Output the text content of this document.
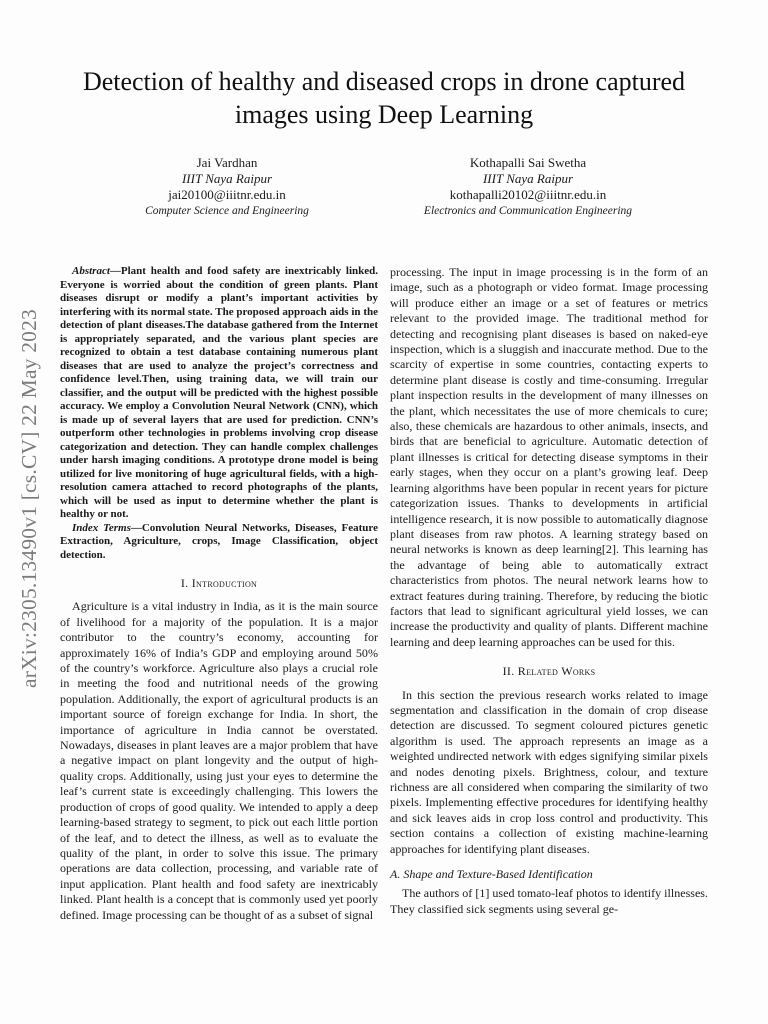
arXiv:2305.13490v1 [cs.CV] 22 May 2023
Detection of healthy and diseased crops in drone captured images using Deep Learning
Jai Vardhan
IIIT Naya Raipur
jai20100@iiitnr.edu.in
Computer Science and Engineering
Kothapalli Sai Swetha
IIIT Naya Raipur
kothapalli20102@iiitnr.edu.in
Electronics and Communication Engineering

Abstract—Plant health and food safety are inextricably linked. Everyone is worried about the condition of green plants. Plant diseases disrupt or modify a plant’s important activities by interfering with its normal state. The proposed approach aids in the detection of plant diseases.The database gathered from the Internet is appropriately separated, and the various plant species are recognized to obtain a test database containing numerous plant diseases that are used to analyze the project’s correctness and confidence level.Then, using training data, we will train our classifier, and the output will be predicted with the highest possible accuracy. We employ a Convolution Neural Network (CNN), which is made up of several layers that are used for prediction. CNN’s outperform other technologies in problems involving crop disease categorization and detection. They can handle complex challenges under harsh imaging conditions. A prototype drone model is being utilized for live monitoring of huge agricultural fields, with a high-resolution camera attached to record photographs of the plants, which will be used as input to determine whether the plant is healthy or not.

Index Terms—Convolution Neural Networks, Diseases, Feature Extraction, Agriculture, crops, Image Classification, object detection.

I. Introduction

Agriculture is a vital industry in India, as it is the main source of livelihood for a majority of the population. It is a major contributor to the country’s economy, accounting for approximately 16% of India’s GDP and employing around 50% of the country’s workforce. Agriculture also plays a crucial role in meeting the food and nutritional needs of the growing population. Additionally, the export of agricultural products is an important source of foreign exchange for India. In short, the importance of agriculture in India cannot be overstated. Nowadays, diseases in plant leaves are a major problem that have a negative impact on plant longevity and the output of high-quality crops. Additionally, using just your eyes to determine the leaf’s current state is exceedingly challenging. This lowers the production of crops of good quality. We intended to apply a deep learning-based strategy to segment, to pick out each little portion of the leaf, and to detect the illness, as well as to evaluate the quality of the plant, in order to solve this issue. The primary operations are data collection, processing, and variable rate of input application. Plant health and food safety are inextricably linked. Plant health is a concept that is commonly used yet poorly defined. Image processing can be thought of as a subset of signal

processing. The input in image processing is in the form of an image, such as a photograph or video format. Image processing will produce either an image or a set of features or metrics relevant to the provided image. The traditional method for detecting and recognising plant diseases is based on naked-eye inspection, which is a sluggish and inaccurate method. Due to the scarcity of expertise in some countries, contacting experts to determine plant disease is costly and time-consuming. Irregular plant inspection results in the development of many illnesses on the plant, which necessitates the use of more chemicals to cure; also, these chemicals are hazardous to other animals, insects, and birds that are beneficial to agriculture. Automatic detection of plant illnesses is critical for detecting disease symptoms in their early stages, when they occur on a plant’s growing leaf. Deep learning algorithms have been popular in recent years for picture categorization issues. Thanks to developments in artificial intelligence research, it is now possible to automatically diagnose plant diseases from raw photos. A learning strategy based on neural networks is known as deep learning[2]. This learning has the advantage of being able to automatically extract characteristics from photos. The neural network learns how to extract features during training. Therefore, by reducing the biotic factors that lead to significant agricultural yield losses, we can increase the productivity and quality of plants. Different machine learning and deep learning approaches can be used for this.

II. Related Works

In this section the previous research works related to image segmentation and classification in the domain of crop disease detection are discussed. To segment coloured pictures genetic algorithm is used. The approach represents an image as a weighted undirected network with edges signifying similar pixels and nodes denoting pixels. Brightness, colour, and texture richness are all considered when comparing the similarity of two pixels. Implementing effective procedures for identifying healthy and sick leaves aids in crop loss control and productivity. This section contains a collection of existing machine-learning approaches for identifying plant diseases.

A. Shape and Texture-Based Identification

The authors of [1] used tomato-leaf photos to identify illnesses. They classified sick segments using several ge-
